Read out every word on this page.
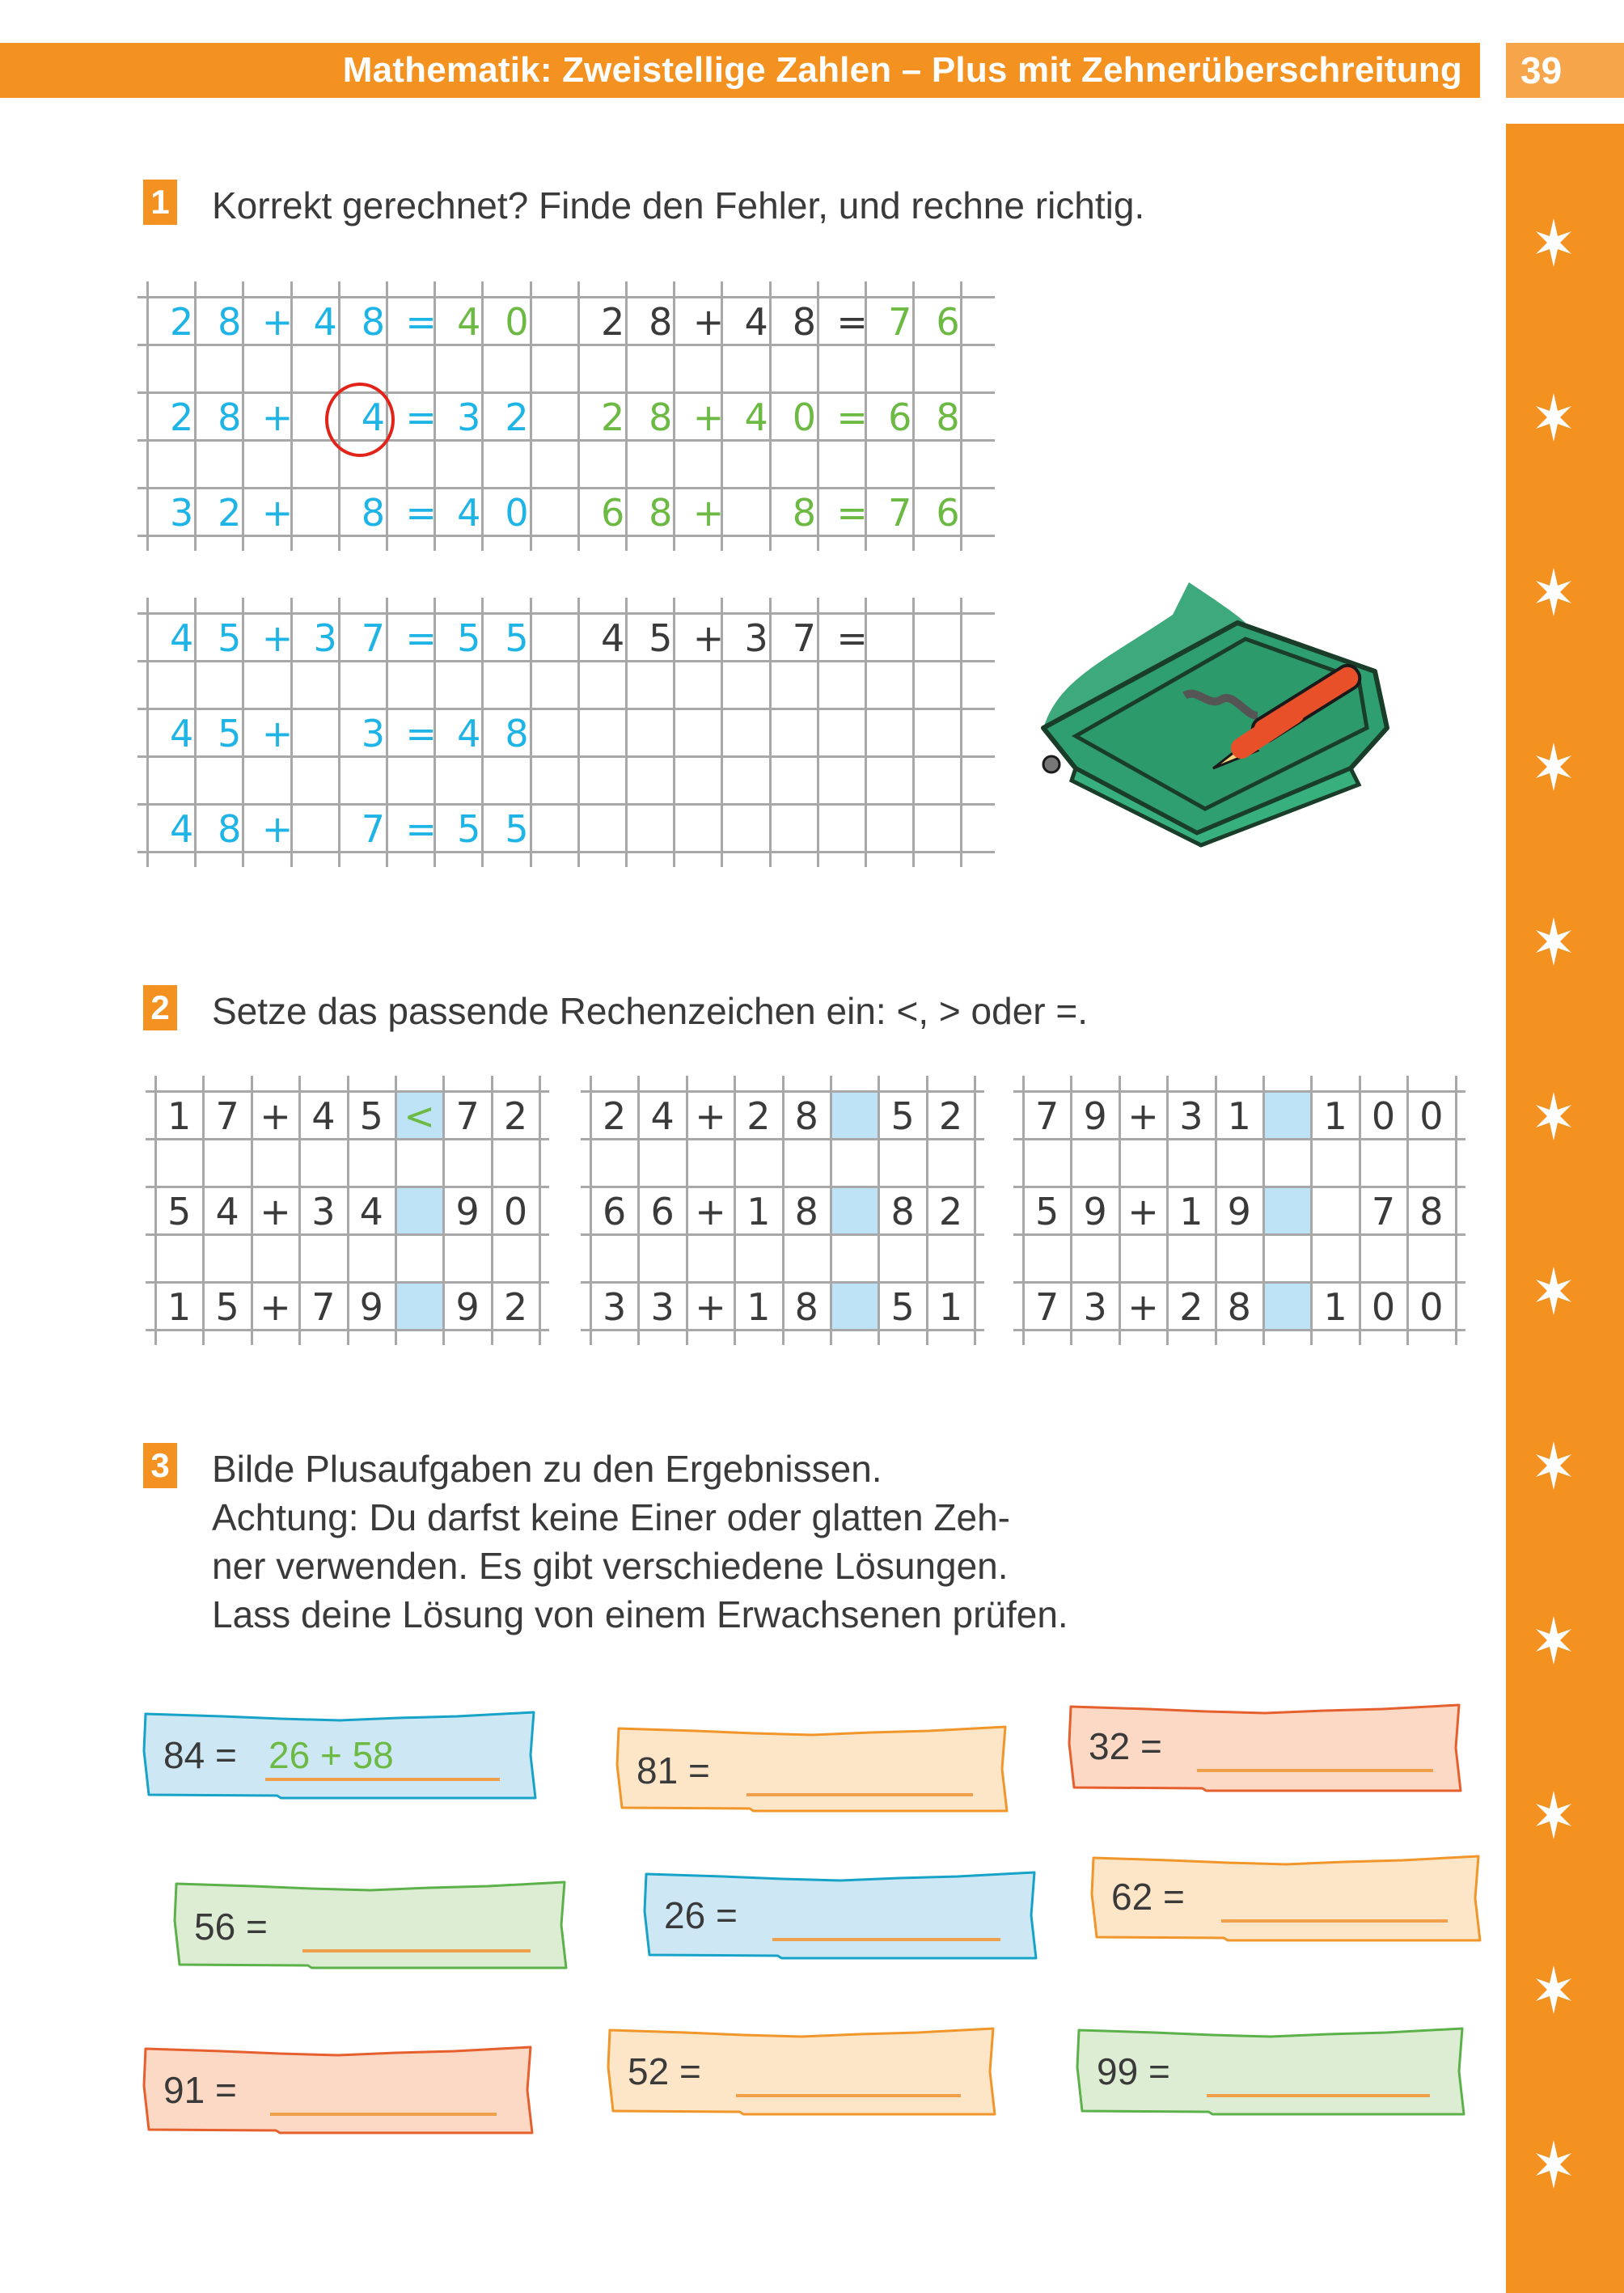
Mathematik: Zweistellige Zahlen – Plus mit Zehnerüberschreitung	39
1 Korrekt gerechnet? Finde den Fehler, und rechne richtig.
2 8 + 4 8 = 4 0
2 8 +	4 = 3 2
3 2 +	8 = 4 0
2 8 + 4 8 = 7 6
2 8 + 4 0 = 6 8
6 8 +	8 = 7 6
4 5 + 3 7 = 5 5
4 5 +	3 = 4 8
4 8 +	7 = 5 5
4 5 + 3 7 =
2 Setze das passende Rechenzeichen ein: <, > oder =.
1 7 + 4 5 < 7 2
5 4 + 3 4	9 0
1 5 + 7 9	9 2
2 4 + 2 8	5 2
6 6 + 1 8	8 2
3 3 + 1 8	5 1
7 9 + 3 1	1 0 0
5 9 + 1 9	7 8
7 3 + 2 8	1 0 0
3 Bilde Plusaufgaben zu den Ergebnissen.
Achtung: Du darfst keine Einer oder glatten Zeh-
ner verwenden. Es gibt verschiedene Lösungen.
Lass deine Lösung von einem Erwachsenen prüfen.
84 = 26 + 58	81 =
32 =
56 =	26 =	62 =
91 =	52 =	99 =
